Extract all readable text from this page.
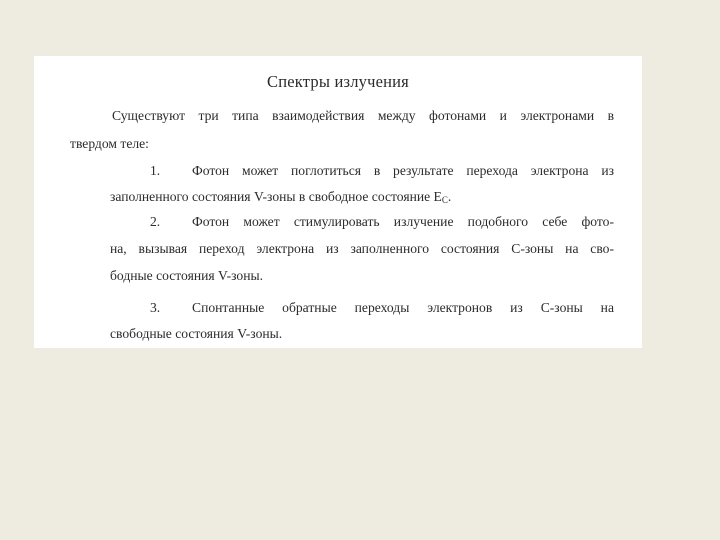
Спектры излучения

Существуют три типа взаимодействия между фотонами и электронами в

твердом теле:

1. Фотон может поглотиться в результате перехода электрона из

заполненного состояния V-зоны в свободное состояние $E_C$.

2. Фотон может стимулировать излучение подобного себе фото-

на, вызывая переход электрона из заполненного состояния C-зоны на сво-

бодные состояния V-зоны.

3. Спонтанные обратные переходы электронов из C-зоны на

свободные состояния V-зоны.
